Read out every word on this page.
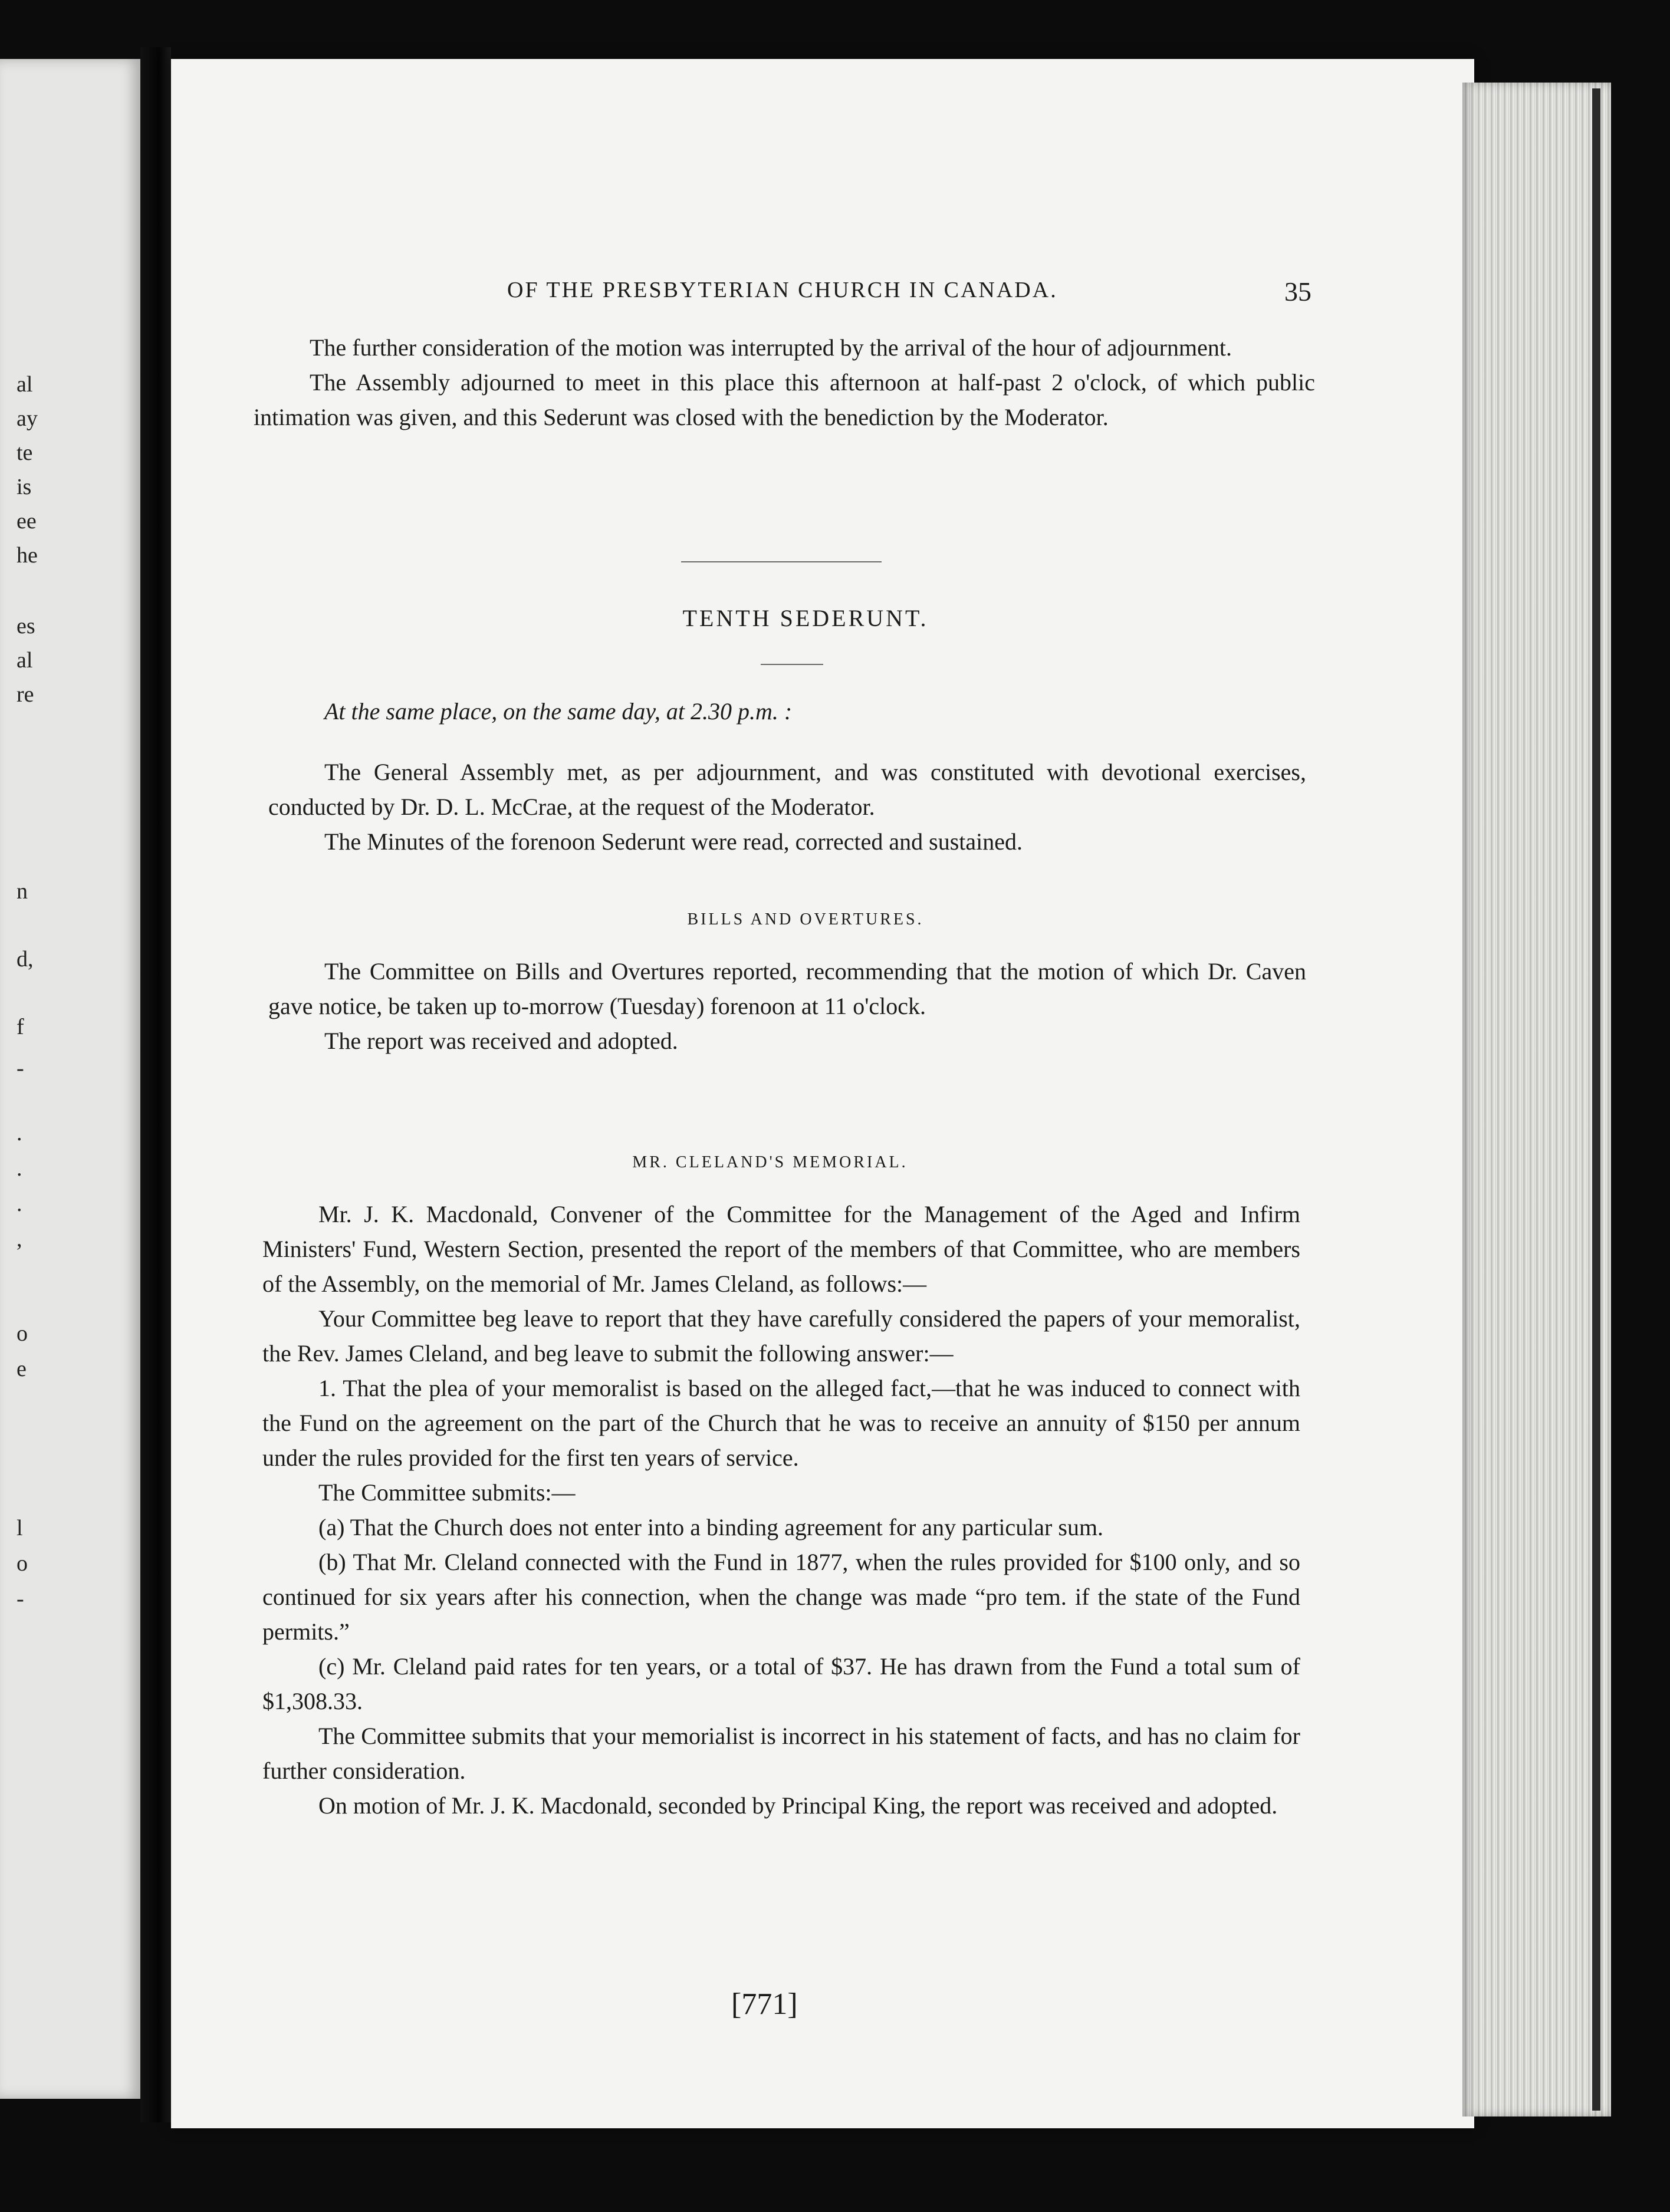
al
ay
te
is
ee
he
es
al
re
n
d,
f
-
.
.
.
,
o
e
l
o
-
OF THE PRESBYTERIAN CHURCH IN CANADA.	35

The further consideration of the motion was interrupted by the arrival of the hour of adjournment.

The Assembly adjourned to meet in this place this afternoon at half-past 2 o'clock, of which public intimation was given, and this Sederunt was closed with the benediction by the Moderator.

TENTH SEDERUNT.
At the same place, on the same day, at 2.30 p.m. :

The General Assembly met, as per adjournment, and was constituted with devotional exercises, conducted by Dr. D. L. McCrae, at the request of the Moderator.

The Minutes of the forenoon Sederunt were read, corrected and sustained.

BILLS AND OVERTURES.

The Committee on Bills and Overtures reported, recommending that the motion of which Dr. Caven gave notice, be taken up to-morrow (Tuesday) forenoon at 11 o'clock.

The report was received and adopted.

MR. CLELAND'S MEMORIAL.

Mr. J. K. Macdonald, Convener of the Committee for the Management of the Aged and Infirm Ministers' Fund, Western Section, presented the report of the members of that Committee, who are members of the Assembly, on the memorial of Mr. James Cleland, as follows:—

Your Committee beg leave to report that they have carefully considered the papers of your memoralist, the Rev. James Cleland, and beg leave to submit the following answer:—

1. That the plea of your memoralist is based on the alleged fact,—that he was induced to connect with the Fund on the agreement on the part of the Church that he was to receive an annuity of $150 per annum under the rules provided for the first ten years of service.

The Committee submits:—

(a) That the Church does not enter into a binding agreement for any particular sum.

(b) That Mr. Cleland connected with the Fund in 1877, when the rules provided for $100 only, and so continued for six years after his connection, when the change was made “pro tem. if the state of the Fund permits.”

(c) Mr. Cleland paid rates for ten years, or a total of $37. He has drawn from the Fund a total sum of $1,308.33.

The Committee submits that your memorialist is incorrect in his statement of facts, and has no claim for further consideration.

On motion of Mr. J. K. Macdonald, seconded by Principal King, the report was received and adopted.

[771]
